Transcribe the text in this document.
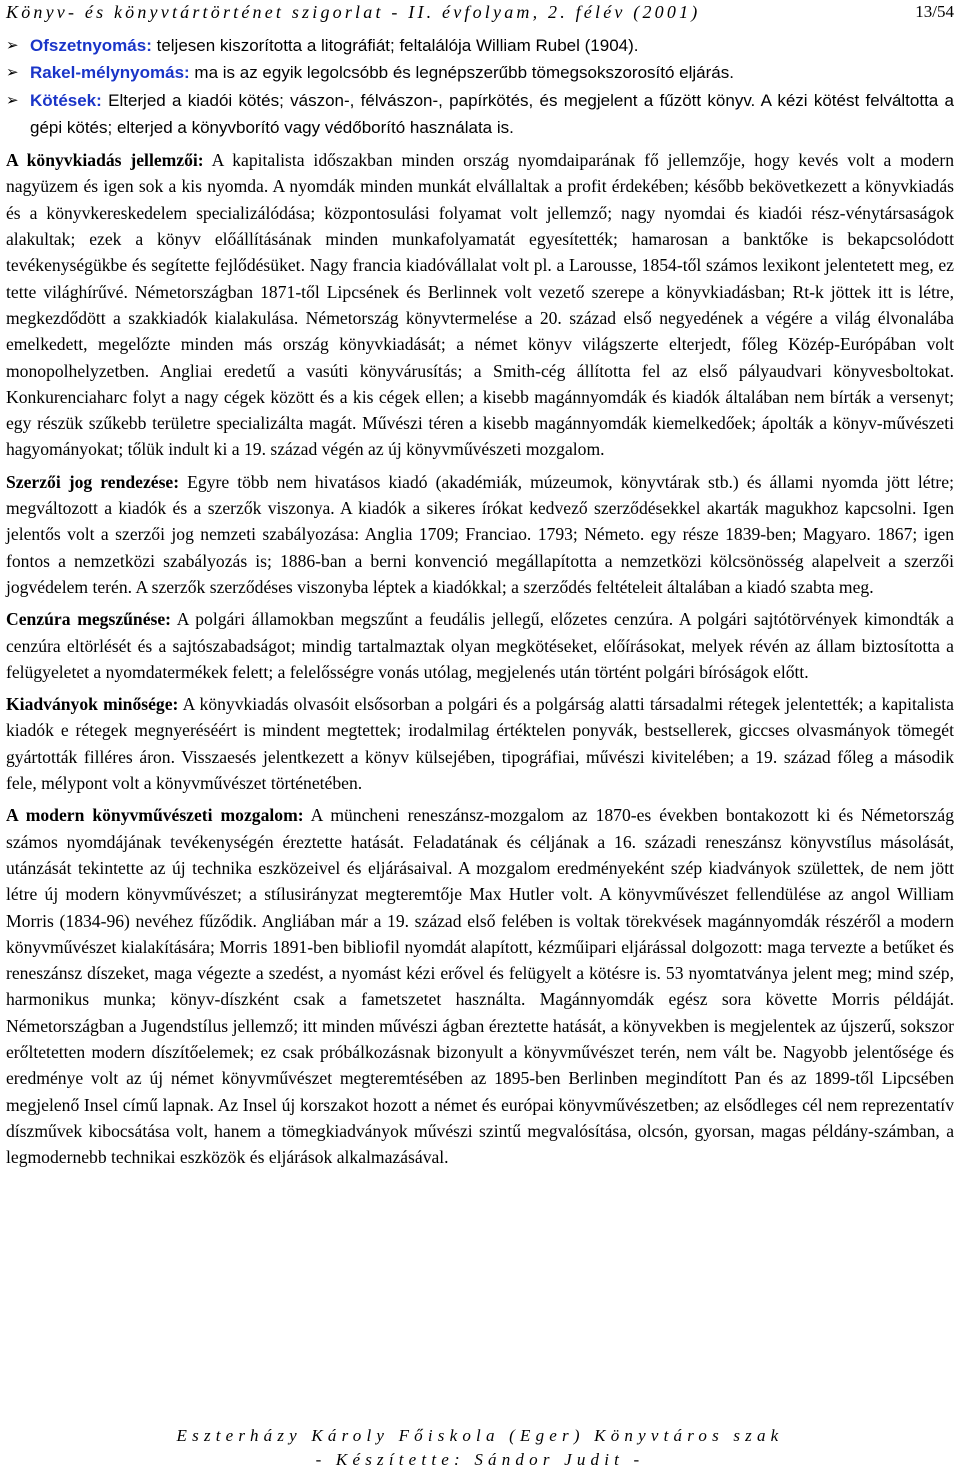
Könyv- és könyvtártörténet szigorlat - II. évfolyam, 2. félév (2001)	13/54
➢ Ofszetnyomás: teljesen kiszorította a litográfiát; feltalálója William Rubel (1904).
➢ Rakel-mélynyomás: ma is az egyik legolcsóbb és legnépszerűbb tömegsokszorosító eljárás.
➢ Kötések: Elterjed a kiadói kötés; vászon-, félvászon-, papírkötés, és megjelent a fűzött könyv. A kézi kötést felváltotta a gépi kötés; elterjed a könyvborító vagy védőborító használata is.

A könyvkiadás jellemzői: A kapitalista időszakban minden ország nyomdaiparának fő jellemzője, hogy kevés volt a modern nagyüzem és igen sok a kis nyomda. A nyomdák minden munkát elvállaltak a profit érdekében; később bekövetkezett a könyvkiadás és a könyvkereskedelem specializálódása; központosulási folyamat volt jellemző; nagy nyomdai és kiadói rész-vénytársaságok alakultak; ezek a könyv előállításának minden munkafolyamatát egyesítették; hamarosan a banktőke is bekapcsolódott tevékenységükbe és segítette fejlődésüket. Nagy francia kiadóvállalat volt pl. a Larousse, 1854-től számos lexikont jelentetett meg, ez tette világhírűvé. Németországban 1871-től Lipcsének és Berlinnek volt vezető szerepe a könyvkiadásban; Rt-k jöttek itt is létre, megkezdődött a szakkiadók kialakulása. Németország könyvtermelése a 20. század első negyedének a végére a világ élvonalába emelkedett, megelőzte minden más ország könyvkiadását; a német könyv világszerte elterjedt, főleg Közép-Európában volt monopolhelyzetben. Angliai eredetű a vasúti könyvárusítás; a Smith-cég állította fel az első pályaudvari könyvesboltokat. Konkurenciaharc folyt a nagy cégek között és a kis cégek ellen; a kisebb magánnyomdák és kiadók általában nem bírták a versenyt; egy részük szűkebb területre specializálta magát. Művészi téren a kisebb magánnyomdák kiemelkedőek; ápolták a könyv-művészeti hagyományokat; tőlük indult ki a 19. század végén az új könyvművészeti mozgalom.

Szerzői jog rendezése: Egyre több nem hivatásos kiadó (akadémiák, múzeumok, könyvtárak stb.) és állami nyomda jött létre; megváltozott a kiadók és a szerzők viszonya. A kiadók a sikeres írókat kedvező szerződésekkel akarták magukhoz kapcsolni. Igen jelentős volt a szerzői jog nemzeti szabályozása: Anglia 1709; Franciao. 1793; Németo. egy része 1839-ben; Magyaro. 1867; igen fontos a nemzetközi szabályozás is; 1886-ban a berni konvenció megállapította a nemzetközi kölcsönösség alapelveit a szerzői jogvédelem terén. A szerzők szerződéses viszonyba léptek a kiadókkal; a szerződés feltételeit általában a kiadó szabta meg.

Cenzúra megszűnése: A polgári államokban megszűnt a feudális jellegű, előzetes cenzúra. A polgári sajtótörvények kimondták a cenzúra eltörlését és a sajtószabadságot; mindig tartalmaztak olyan megkötéseket, előírásokat, melyek révén az állam biztosította a felügyeletet a nyomdatermékek felett; a felelősségre vonás utólag, megjelenés után történt polgári bíróságok előtt.

Kiadványok minősége: A könyvkiadás olvasóit elsősorban a polgári és a polgárság alatti társadalmi rétegek jelentették; a kapitalista kiadók e rétegek megnyeréséért is mindent megtettek; irodalmilag értéktelen ponyvák, bestsellerek, giccses olvasmányok tömegét gyártották filléres áron. Visszaesés jelentkezett a könyv külsejében, tipográfiai, művészi kivitelében; a 19. század főleg a második fele, mélypont volt a könyvművészet történetében.

A modern könyvművészeti mozgalom: A müncheni reneszánsz-mozgalom az 1870-es években bontakozott ki és Németország számos nyomdájának tevékenységén éreztette hatását. Feladatának és céljának a 16. századi reneszánsz könyvstílus másolását, utánzását tekintette az új technika eszközeivel és eljárásaival. A mozgalom eredményeként szép kiadványok születtek, de nem jött létre új modern könyvművészet; a stílusirányzat megteremtője Max Hutler volt. A könyvművészet fellendülése az angol William Morris (1834-96) nevéhez fűződik. Angliában már a 19. század első felében is voltak törekvések magánnyomdák részéről a modern könyvművészet kialakítására; Morris 1891-ben bibliofil nyomdát alapított, kézműipari eljárással dolgozott: maga tervezte a betűket és reneszánsz díszeket, maga végezte a szedést, a nyomást kézi erővel és felügyelt a kötésre is. 53 nyomtatványa jelent meg; mind szép, harmonikus munka; könyv-díszként csak a fametszetet használta. Magánnyomdák egész sora követte Morris példáját. Németországban a Jugendstílus jellemző; itt minden művészi ágban éreztette hatását, a könyvekben is megjelentek az újszerű, sokszor erőltetetten modern díszítőelemek; ez csak próbálkozásnak bizonyult a könyvművészet terén, nem vált be. Nagyobb jelentősége és eredménye volt az új német könyvművészet megteremtésében az 1895-ben Berlinben megindított Pan és az 1899-től Lipcsében megjelenő Insel című lapnak. Az Insel új korszakot hozott a német és európai könyvművészetben; az elsődleges cél nem reprezentatív díszművek kibocsátása volt, hanem a tömegkiadványok művészi szintű megvalósítása, olcsón, gyorsan, magas példány-számban, a legmodernebb technikai eszközök és eljárások alkalmazásával.

Eszterházy Károly Főiskola (Eger) Könyvtáros szak
- Készítette: Sándor Judit -
